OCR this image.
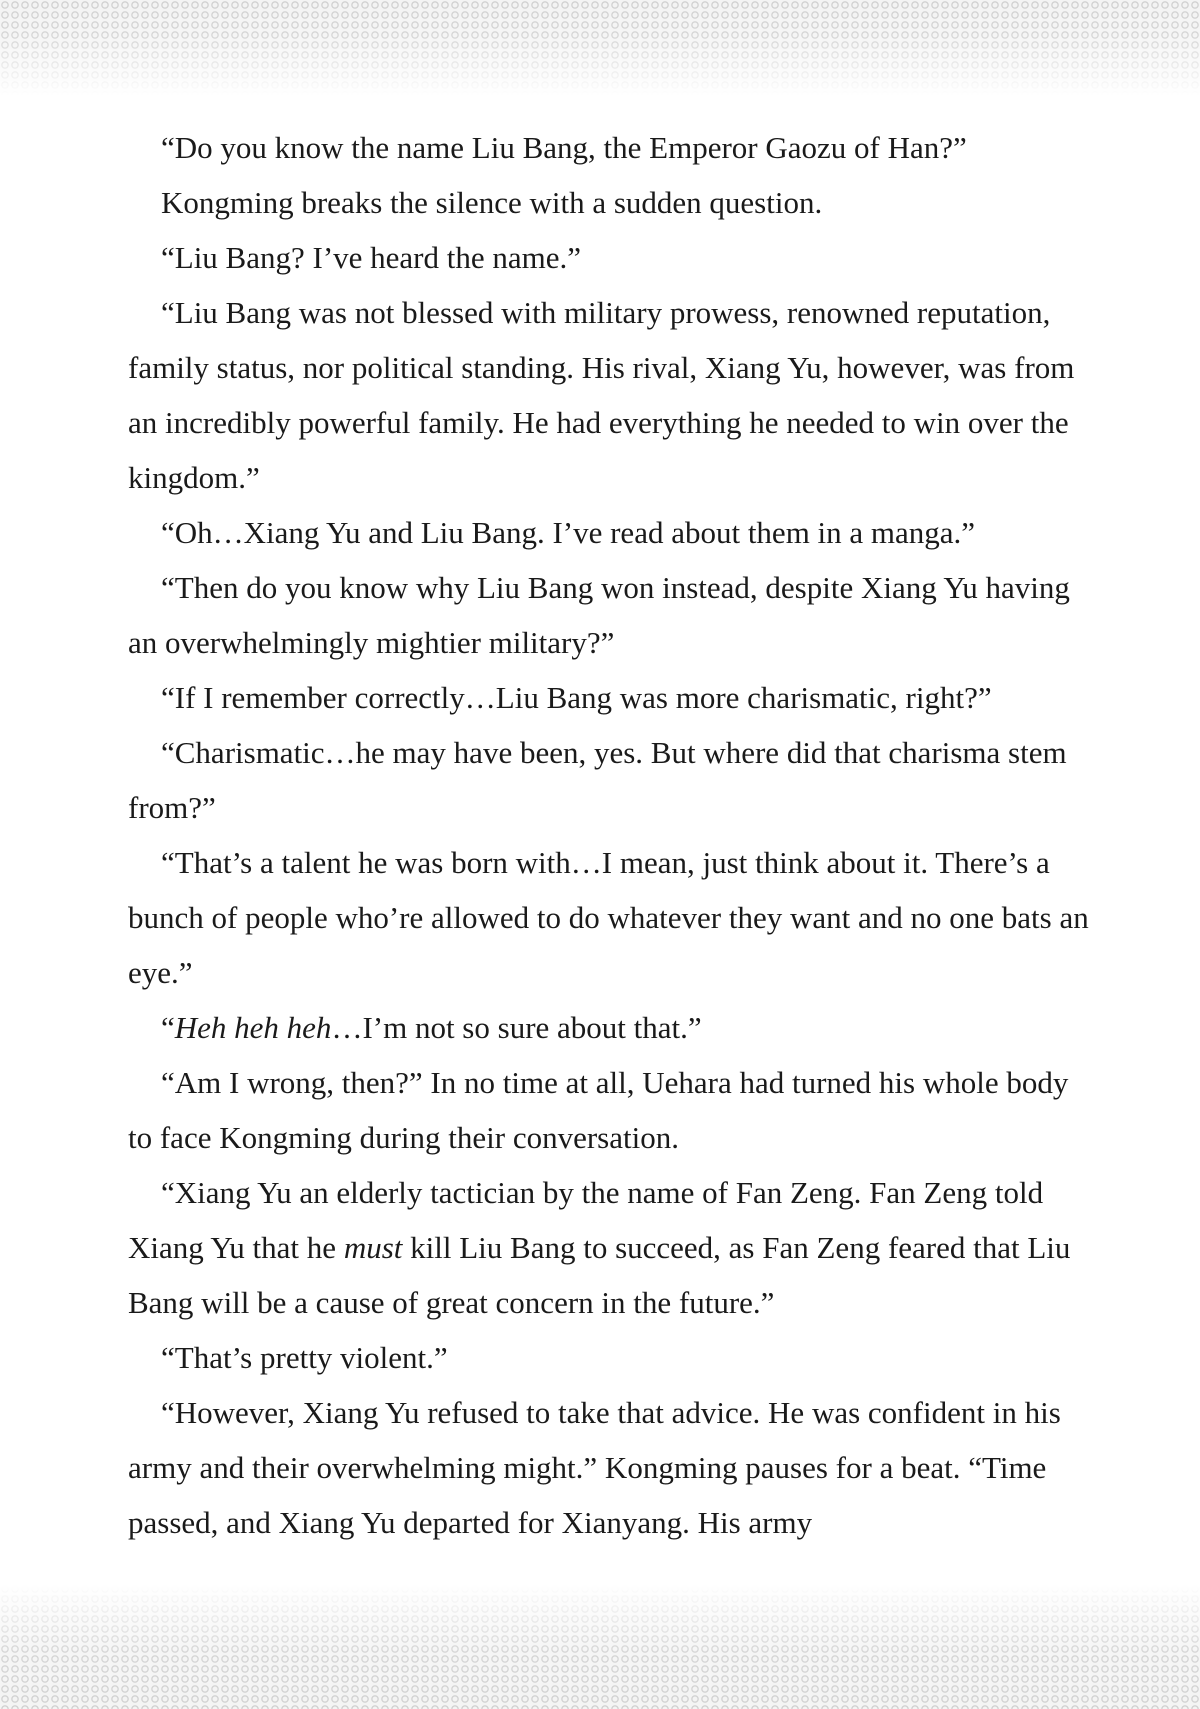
“Do you know the name Liu Bang, the Emperor Gaozu of Han?”

Kongming breaks the silence with a sudden question.

“Liu Bang? I’ve heard the name.”

“Liu Bang was not blessed with military prowess, renowned reputation, family status, nor political standing. His rival, Xiang Yu, however, was from an incredibly powerful family. He had everything he needed to win over the kingdom.”

“Oh…Xiang Yu and Liu Bang. I’ve read about them in a manga.”

“Then do you know why Liu Bang won instead, despite Xiang Yu having an overwhelmingly mightier military?”

“If I remember correctly…Liu Bang was more charismatic, right?”

“Charismatic…he may have been, yes. But where did that charisma stem from?”

“That’s a talent he was born with…I mean, just think about it. There’s a bunch of people who’re allowed to do whatever they want and no one bats an eye.”

“Heh heh heh…I’m not so sure about that.”

“Am I wrong, then?” In no time at all, Uehara had turned his whole body to face Kongming during their conversation.

“Xiang Yu an elderly tactician by the name of Fan Zeng. Fan Zeng told Xiang Yu that he must kill Liu Bang to succeed, as Fan Zeng feared that Liu Bang will be a cause of great concern in the future.”

“That’s pretty violent.”

“However, Xiang Yu refused to take that advice. He was confident in his army and their overwhelming might.” Kongming pauses for a beat. “Time passed, and Xiang Yu departed for Xianyang. His army
